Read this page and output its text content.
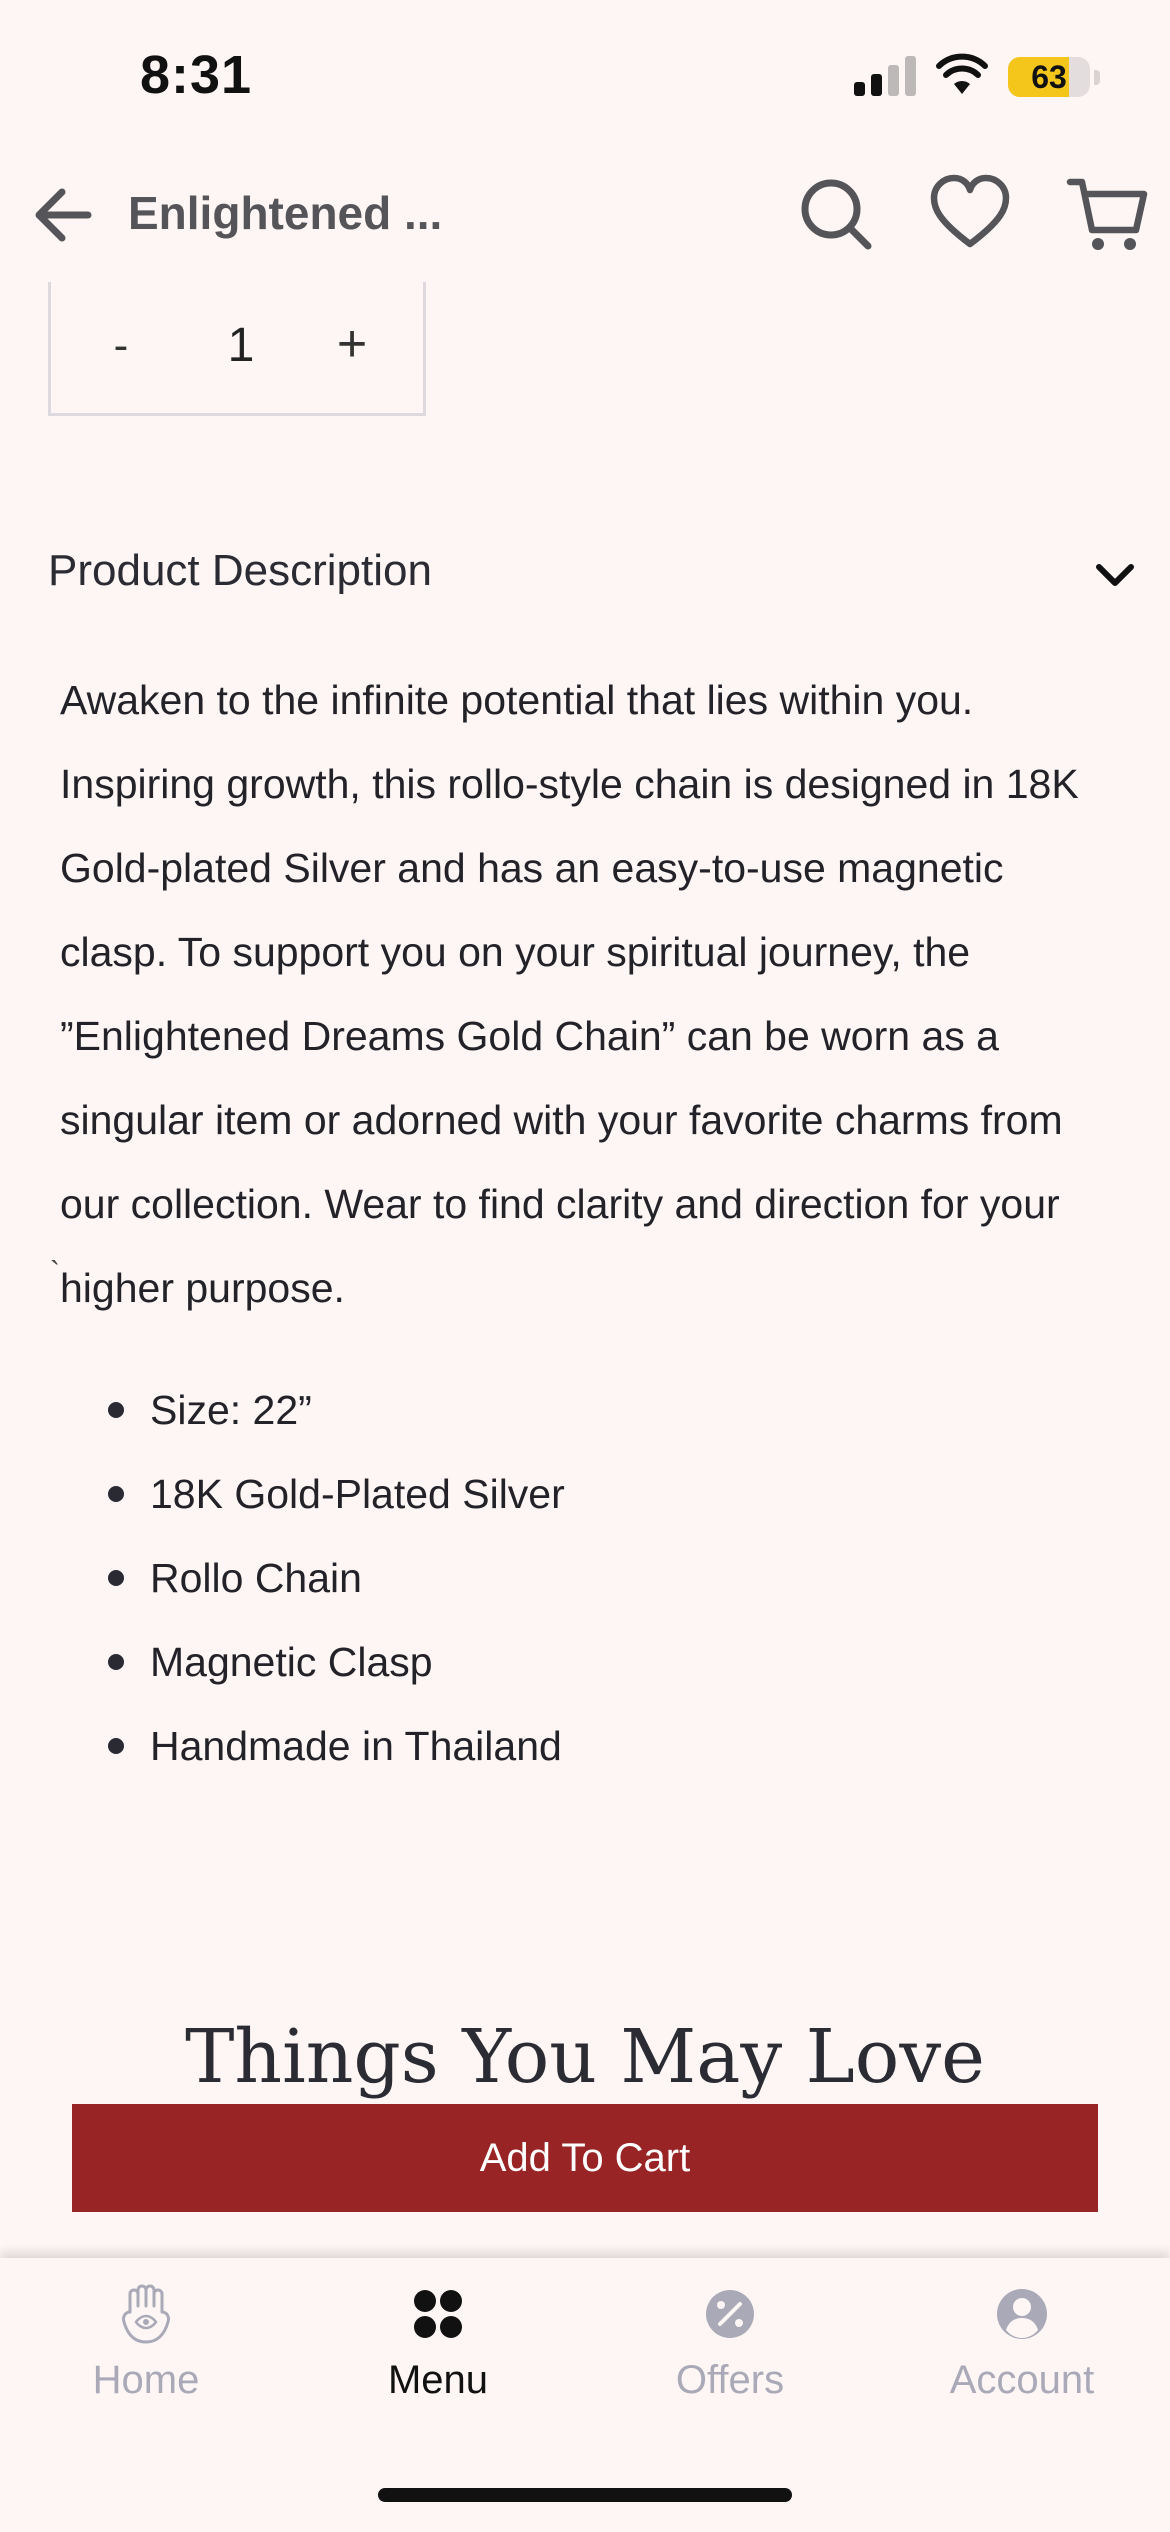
8:31	63
Enlightened ...
-	1	+
Product Description
Awaken to the infinite potential that lies within you. Inspiring growth, this rollo-style chain is designed in 18K Gold-plated Silver and has an easy-to-use magnetic clasp. To support you on your spiritual journey, the ”Enlightened Dreams Gold Chain” can be worn as a singular item or adorned with your favorite charms from our collection. Wear to find clarity and direction for your higher purpose.
`
Size: 22”
18K Gold-Plated Silver
Rollo Chain
Magnetic Clasp
Handmade in Thailand
Things You May Love
Add To Cart
Home	Menu	Offers	Account
